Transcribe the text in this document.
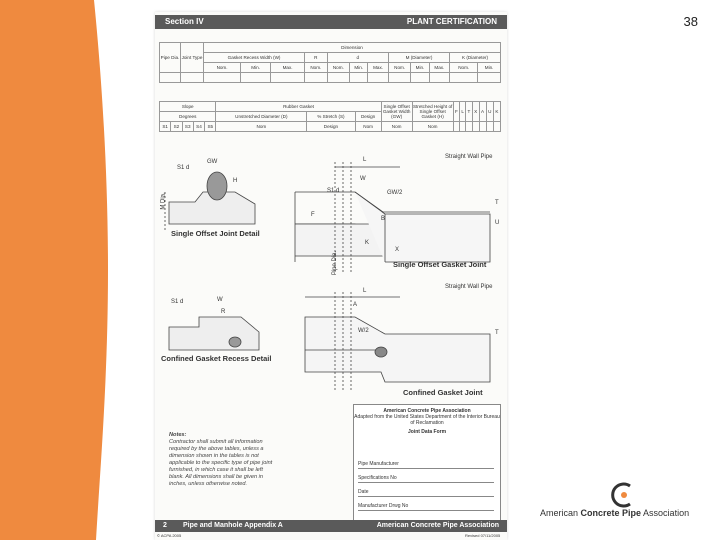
38
Section IV	PLANT CERTIFICATION
Pipe Dia.	Joint Type	Dimension											
		Gasket Recess Width (W)			R	d			M (Diameter)			K (Diameter)	
		Nom.	Min.	Max.	Nom.	Nom.	Min.	Max.	Nom.	Min.	Max.	Nom.	Min.

Slope					Rubber Gasket			Single Offset Gasket Width (GW)	Stretched Height of Single Offset Gasket (H)	F	L	T	X	A	U	K
Degrees					Unstretched Diameter (D)	% Stretch (S)	Design									
S1	S2	S3	S4	S5	Nom	Design	Nom	Nom	Nom							
GW
S1 d
H
M Dia.
L
W
GW/2
S1 d
B
K
X
T
U
F
Pipe Dia.
Straight Wall Pipe
Single Offset Joint Detail
Single Offset Gasket Joint
W
R
S1 d
L
A
W/2	T
Straight Wall Pipe
Confined Gasket Recess Detail
Confined Gasket Joint
Notes:
Contractor shall submit all information required by the above tables, unless a dimension shown in the tables is not applicable to the specific type of pipe joint furnished, in which case it shall be left blank. All dimensions shall be given in inches, unless otherwise noted.
American Concrete Pipe Association
Adapted from the United States Department of the Interior Bureau of Reclamation
Joint Data Form
Pipe Manufacturer
Specifications No
Date
Manufacturer Drwg No
2 Pipe and Manhole Appendix A	American Concrete Pipe Association
© ACPA 2005	Revised 07/11/2005
American Concrete Pipe Association
